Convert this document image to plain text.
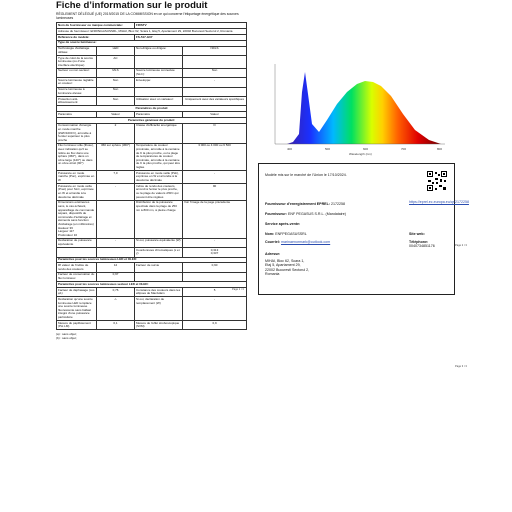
Fiche d’information sur le produit
RÈGLEMENT DÉLÉGUÉ (UE) 2019/2015 DE LA COMMISSION en ce qui concerne l'étiquetage énergétique des sources lumineuses
Nom du fournisseur ou marque commerciale:		FIRSTV	
Adresse du fournisseur: ENFPEGASUSSRL, MIHAI, Bloc 62, Scara 1, Etaj 5, Apartament 29, 22002 Bucuresti Sectorul 2, Romania			
Référence du modèle:		FS-517-G07	
Type de source lumineuse:			
Technologie d'éclairage utilisée:	LED	Non-dirigée ou dirigée:	NDLS
Type de culot de la source lumineuse (ou d'une interface électrique)	AC		
Secteur ou non secteur:	MLS	Source lumineuse connectée (SLC):	Non
Source lumineuse réglable en couleur:	Non	Enveloppe:	-
Source lumineuse à luminance élevée:	Non		
Protection anti-éblouissement:	Non	Utilisation avec un variateur:	Uniquement avec des variateurs spécifiques
Paramètres du produit			
Paramètre	Valeur	Paramètre	Valeur
Paramètres généraux du produit:			
Consommation d'énergie en mode marche (kWh/1000 h), arrondie à l'entier supérieur le plus proche	2	Classe d'efficacité énergétique	D
Flux lumineux utile (Φuse), avec indication qu'il se réfère au flux dans une sphère (360°), dans un cône large (120°) ou dans un cône étroit (90°)	360 sur sphère (360°)	Température de couleur proximale, arrondie à la centaine de K la plus proche, ou la plage de températures de couleur proximale, arrondie à la centaine de K la plus proche, qui peut être réglée	3 000 ou 4 000 ou 6 500
Puissance en mode marche (Pon), exprimée en W	7,0	Puissance en mode veille (Psb), exprimée en W et arrondie à la deuxième décimale	-
Puissance en mode veille (Pnet) pour SLC, exprimée en W et arrondie à la deuxième décimale	-	Indice de rendu des couleurs, arrondi à l'entier le plus proche, ou la plage de valeurs d'IRC qui peuvent être réglées	90
Dimensions extérieures sans, le cas échéant, appareillage de commande séparé, dispositifs de commande d'éclairage et éléments sans fonction d'éclairage (en millimètres)
Hauteur 36
Largeur 117
Profondeur 16		Distribution de la puissance spectrale dans la plage de 250 nm à 800 nm, à pleine charge	Voir l'image de la page précédente
Déclaration de puissance équivalente	-	Si oui, puissance équivalente (W)	-
		Coordonnées chromatiques (x et y)	0,313
0,337
Paramètres pour les sources lumineuses LED et OLED:			
Rf valeur de l'indice de rendu des couleurs	12	Facteur de survie	0,90
Facteur de conservation du flux lumineux	0,97		
Paramètres pour les sources lumineuses secteur LED et OLED:			
Facteur de déphasage (cos φ1)	0,76	Constance des couleurs dans les ellipses de MacAdam	5
Déclaration qu'une source lumineuse LED remplace une source lumineuse fluorescente sans ballast intégré d'une puissance particulière	-/-	Si oui, déclaration de remplacement (W)	-
Mesure du papillotement (Pst LM)	0,1	Mesure de l'effet stroboscopique (SVM)	0,9
(a) : sans objet;
(b) : sans objet;
400	500	600	700	800
Wavelength (nm)
Modèle mis sur le marché de l'Union le 17/10/2024.
Fournisseur d'enregistrement EPREL: 2172258	https://eprel.ec.europa.eu/qr/2172258
Fournisseur: ENF PEGASUS S.R.L. (Mandataire)
Service après-vente:
Nom: ENFPEGASUSSRL	Site web:
Courriel: marinaenormark@outlook.com	Téléphone: 0040734851176
Adresse:
MIHAI, Bloc 62, Scara 1,
Etaj 5, Apartament 29,
22002 Bucuresti Sectorul 2,
Romania
Page 1 / 3
Page 2 / 3
Page 3 / 3
